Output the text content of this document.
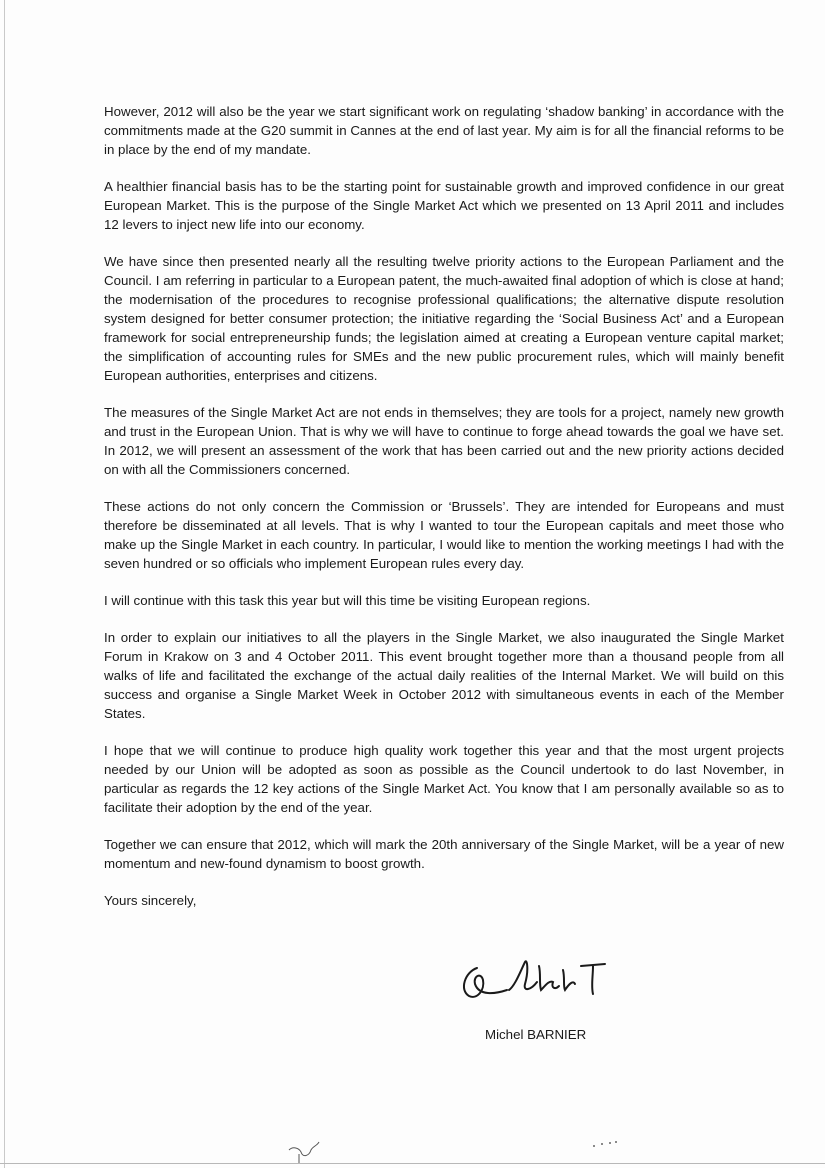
However, 2012 will also be the year we start significant work on regulating ‘shadow banking’ in accordance with the commitments made at the G20 summit in Cannes at the end of last year. My aim is for all the financial reforms to be in place by the end of my mandate.

A healthier financial basis has to be the starting point for sustainable growth and improved confidence in our great European Market. This is the purpose of the Single Market Act which we presented on 13 April 2011 and includes 12 levers to inject new life into our economy.

We have since then presented nearly all the resulting twelve priority actions to the European Parliament and the Council. I am referring in particular to a European patent, the much-awaited final adoption of which is close at hand; the modernisation of the procedures to recognise professional qualifications; the alternative dispute resolution system designed for better consumer protection; the initiative regarding the ‘Social Business Act’ and a European framework for social entrepreneurship funds; the legislation aimed at creating a European venture capital market; the simplification of accounting rules for SMEs and the new public procurement rules, which will mainly benefit European authorities, enterprises and citizens.

The measures of the Single Market Act are not ends in themselves; they are tools for a project, namely new growth and trust in the European Union. That is why we will have to continue to forge ahead towards the goal we have set. In 2012, we will present an assessment of the work that has been carried out and the new priority actions decided on with all the Commissioners concerned.

These actions do not only concern the Commission or ‘Brussels’. They are intended for Europeans and must therefore be disseminated at all levels. That is why I wanted to tour the European capitals and meet those who make up the Single Market in each country. In particular, I would like to mention the working meetings I had with the seven hundred or so officials who implement European rules every day.

I will continue with this task this year but will this time be visiting European regions.

In order to explain our initiatives to all the players in the Single Market, we also inaugurated the Single Market Forum in Krakow on 3 and 4 October 2011. This event brought together more than a thousand people from all walks of life and facilitated the exchange of the actual daily realities of the Internal Market. We will build on this success and organise a Single Market Week in October 2012 with simultaneous events in each of the Member States.

I hope that we will continue to produce high quality work together this year and that the most urgent projects needed by our Union will be adopted as soon as possible as the Council undertook to do last November, in particular as regards the 12 key actions of the Single Market Act. You know that I am personally available so as to facilitate their adoption by the end of the year.

Together we can ensure that 2012, which will mark the 20th anniversary of the Single Market, will be a year of new momentum and new-found dynamism to boost growth.

Yours sincerely,

Michel BARNIER
